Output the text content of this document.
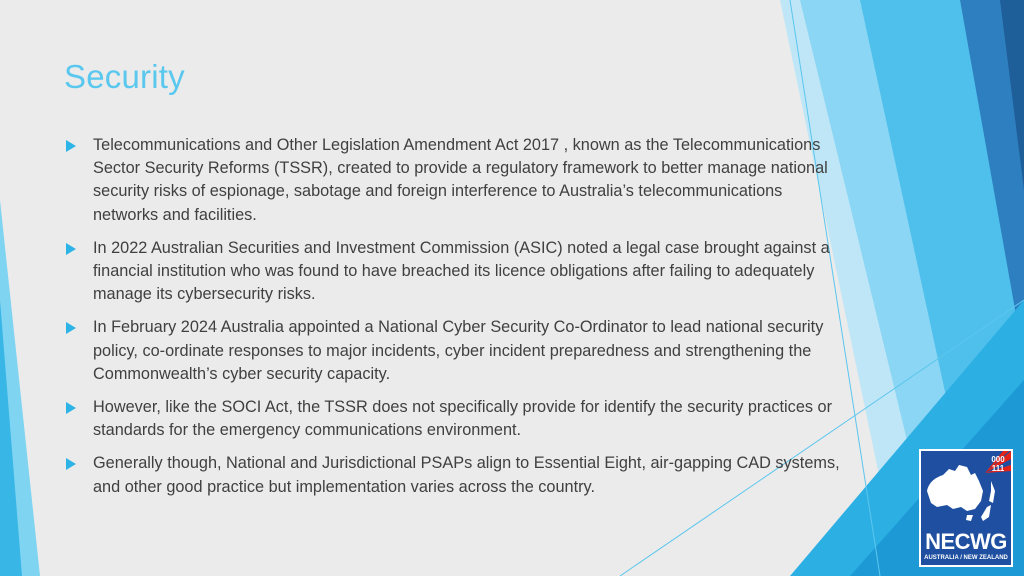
Security
Telecommunications and Other Legislation Amendment Act 2017 , known as the Telecommunications Sector Security Reforms (TSSR), created to provide a regulatory framework to better manage national security risks of espionage, sabotage and foreign interference to Australia’s telecommunications networks and facilities.
In 2022 Australian Securities and Investment Commission (ASIC) noted a legal case brought against a financial institution who was found to have breached its licence obligations after failing to adequately manage its cybersecurity risks.
In February 2024 Australia appointed a National Cyber Security Co-Ordinator to lead national security policy, co-ordinate responses to major incidents, cyber incident preparedness and strengthening the Commonwealth’s cyber security capacity.
However, like the SOCI Act, the TSSR does not specifically provide for identify the security practices or standards for the emergency communications environment.
Generally though, National and Jurisdictional PSAPs align to Essential Eight, air-gapping CAD systems, and other good practice but implementation varies across the country.
000
111
NECWG
AUSTRALIA / NEW ZEALAND
